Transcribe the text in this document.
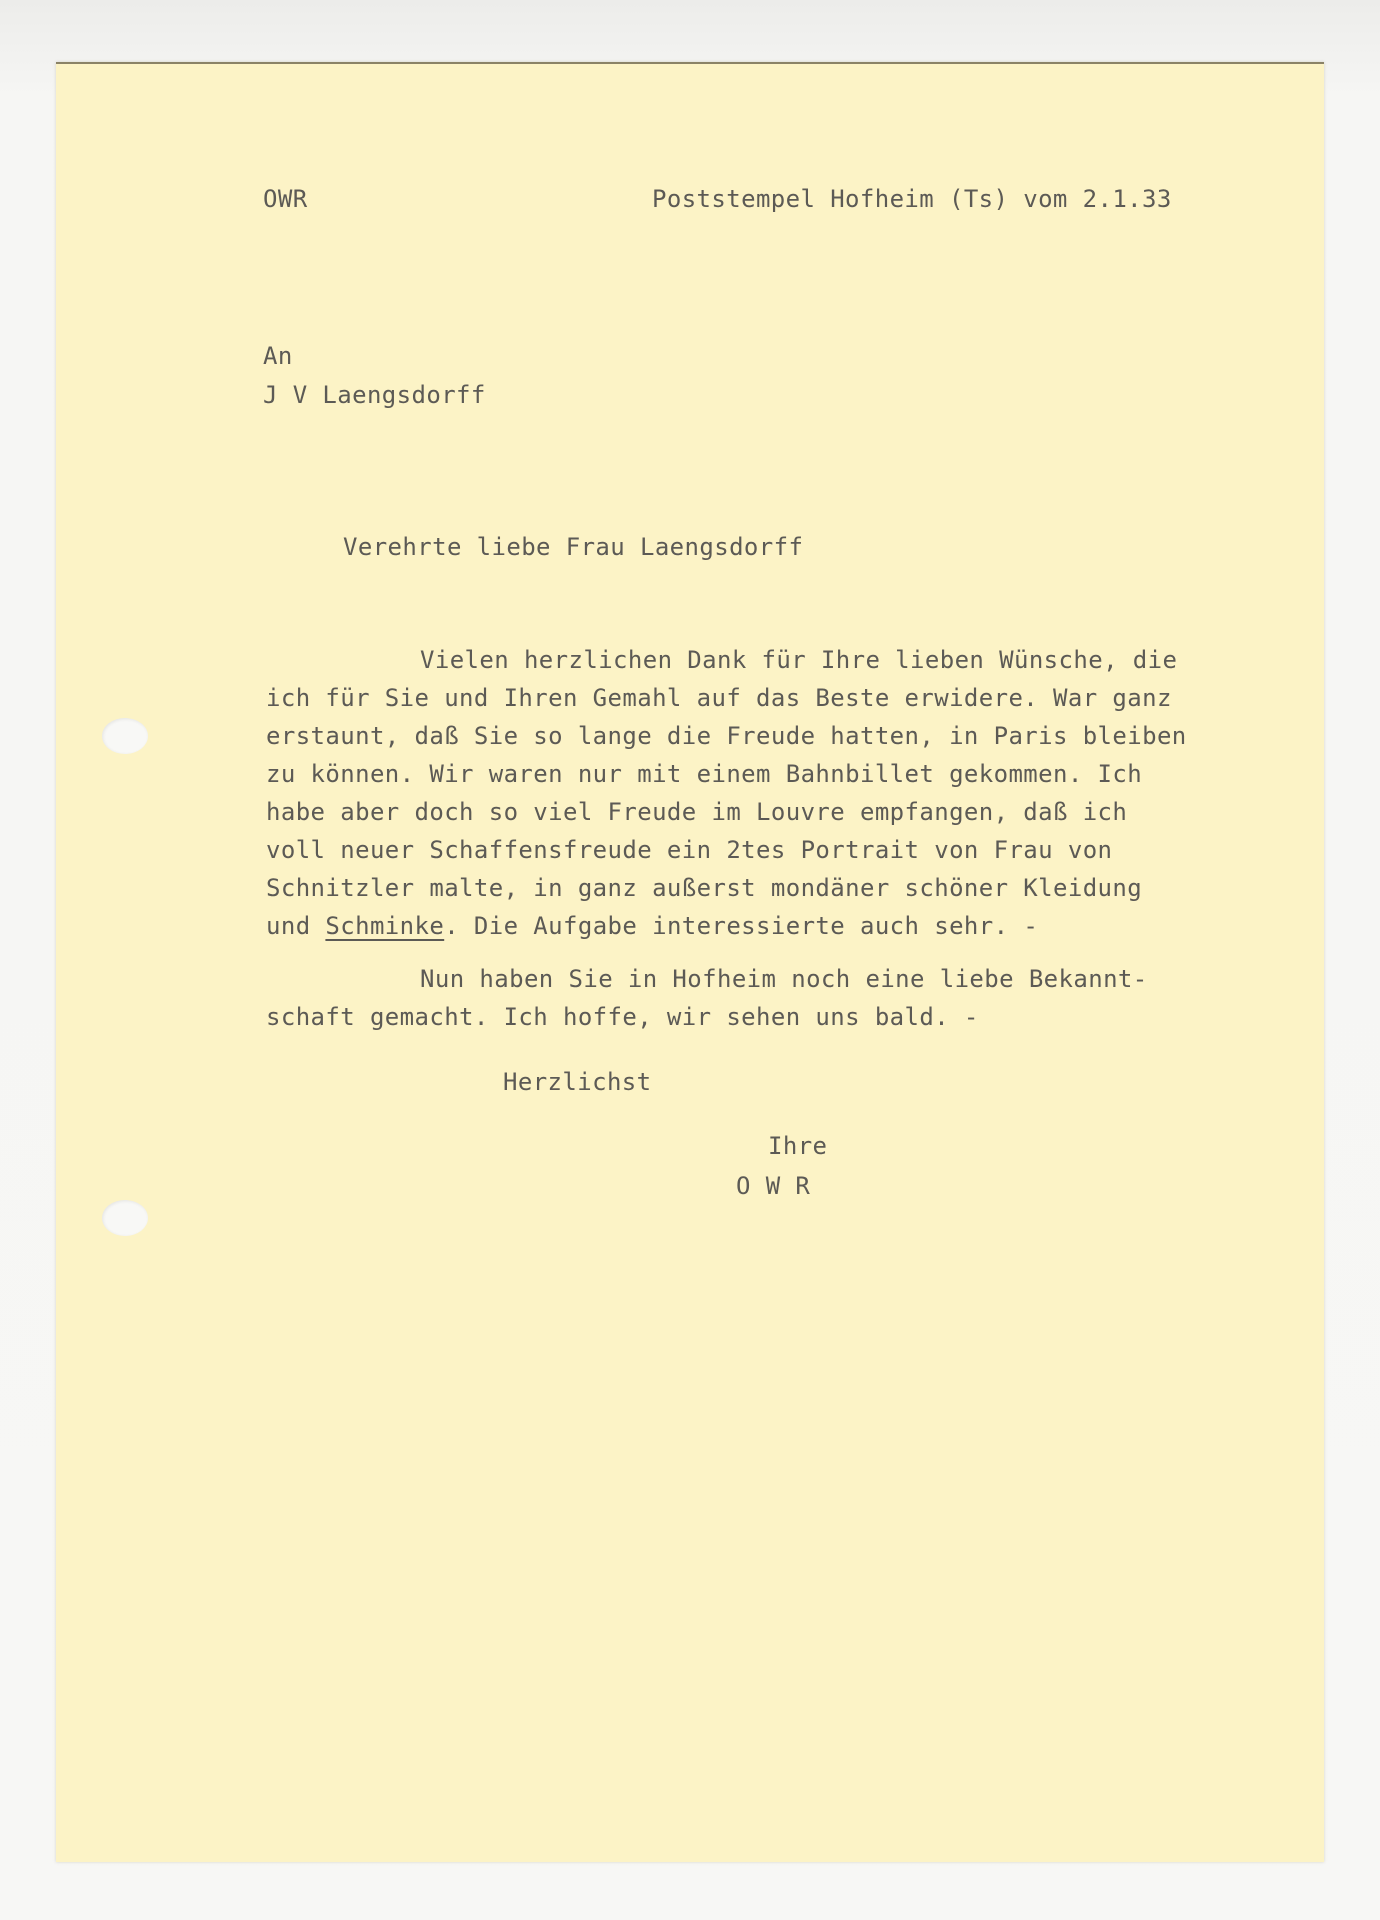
OWR	Poststempel Hofheim (Ts) vom 2.1.33
An
J V Laengsdorff
Verehrte liebe Frau Laengsdorff
Vielen herzlichen Dank für Ihre lieben Wünsche, die
ich für Sie und Ihren Gemahl auf das Beste erwidere. War ganz
erstaunt, daß Sie so lange die Freude hatten, in Paris bleiben
zu können. Wir waren nur mit einem Bahnbillet gekommen. Ich
habe aber doch so viel Freude im Louvre empfangen, daß ich
voll neuer Schaffensfreude ein 2tes Portrait von Frau von
Schnitzler malte, in ganz außerst mondäner schöner Kleidung
und Schminke. Die Aufgabe interessierte auch sehr. -
Nun haben Sie in Hofheim noch eine liebe Bekannt-
schaft gemacht. Ich hoffe, wir sehen uns bald. -
Herzlichst
Ihre
O W R
